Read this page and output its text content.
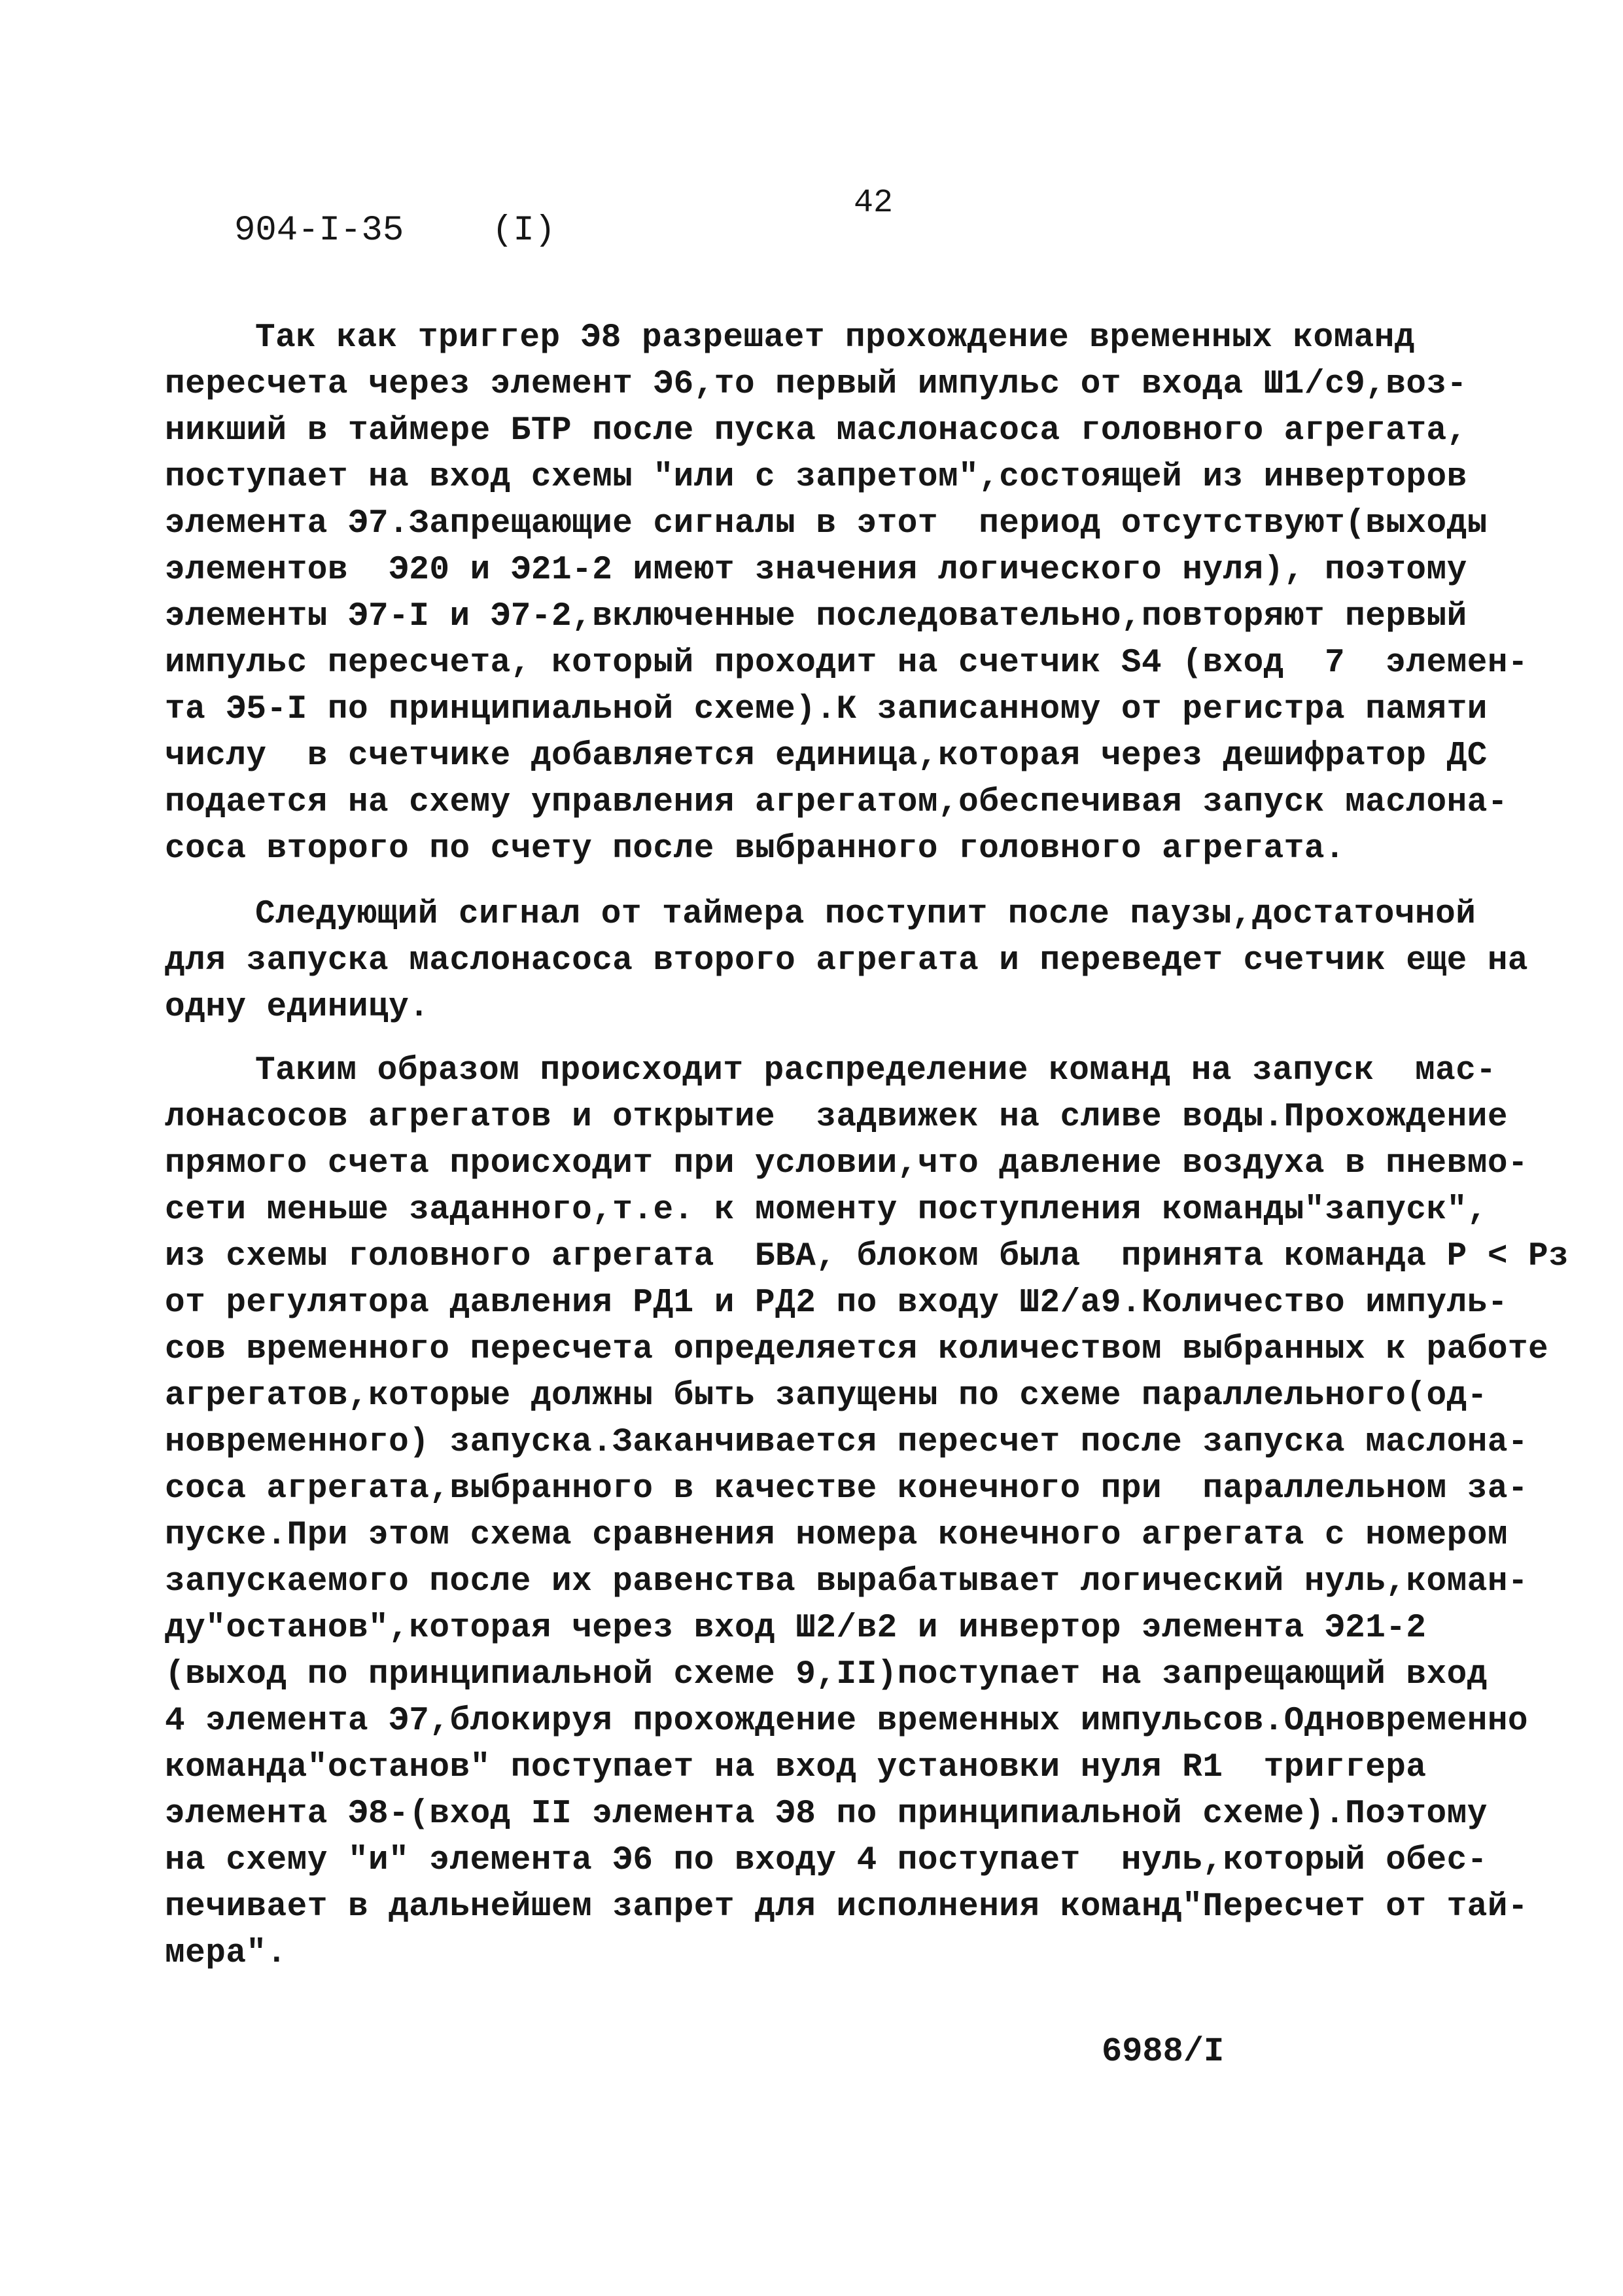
42
904-I-35 (I)
Так как триггер Э8 разрешает прохождение временных команд
пересчета через элемент Э6,то первый импульс от входа Ш1/с9,воз-
никший в таймере БТР после пуска маслонасоса головного агрегата,
поступает на вход схемы "или с запретом",состоящей из инверторов
элемента Э7.Запрещающие сигналы в этот  период отсутствуют(выходы
элементов  Э20 и Э21-2 имеют значения логического нуля), поэтому
элементы Э7-I и Э7-2,включенные последовательно,повторяют первый
импульс пересчета, который проходит на счетчик S4 (вход  7  элемен-
та Э5-I по принципиальной схеме).К записанному от регистра памяти
числу  в счетчике добавляется единица,которая через дешифратор ДС
подается на схему управления агрегатом,обеспечивая запуск маслона-
соса второго по счету после выбранного головного агрегата.
Следующий сигнал от таймера поступит после паузы,достаточной
для запуска маслонасоса второго агрегата и переведет счетчик еще на
одну единицу.
Таким образом происходит распределение команд на запуск  мас-
лонасосов агрегатов и открытие  задвижек на сливе воды.Прохождение
прямого счета происходит при условии,что давление воздуха в пневмо-
сети меньше заданного,т.е. к моменту поступления команды"запуск",
из схемы головного агрегата  БВА, блоком была  принята команда P < Pз
от регулятора давления РД1 и РД2 по входу Ш2/а9.Количество импуль-
сов временного пересчета определяется количеством выбранных к работе
агрегатов,которые должны быть запущены по схеме параллельного(од-
новременного) запуска.Заканчивается пересчет после запуска маслона-
соса агрегата,выбранного в качестве конечного при  параллельном за-
пуске.При этом схема сравнения номера конечного агрегата с номером
запускаемого после их равенства вырабатывает логический нуль,коман-
ду"останов",которая через вход Ш2/в2 и инвертор элемента Э21-2
(выход по принципиальной схеме 9,II)поступает на запрещающий вход
4 элемента Э7,блокируя прохождение временных импульсов.Одновременно
команда"останов" поступает на вход установки нуля R1  триггера
элемента Э8-(вход II элемента Э8 по принципиальной схеме).Поэтому
на схему "и" элемента Э6 по входу 4 поступает  нуль,который обес-
печивает в дальнейшем запрет для исполнения команд"Пересчет от тай-
мера".
6988/I
